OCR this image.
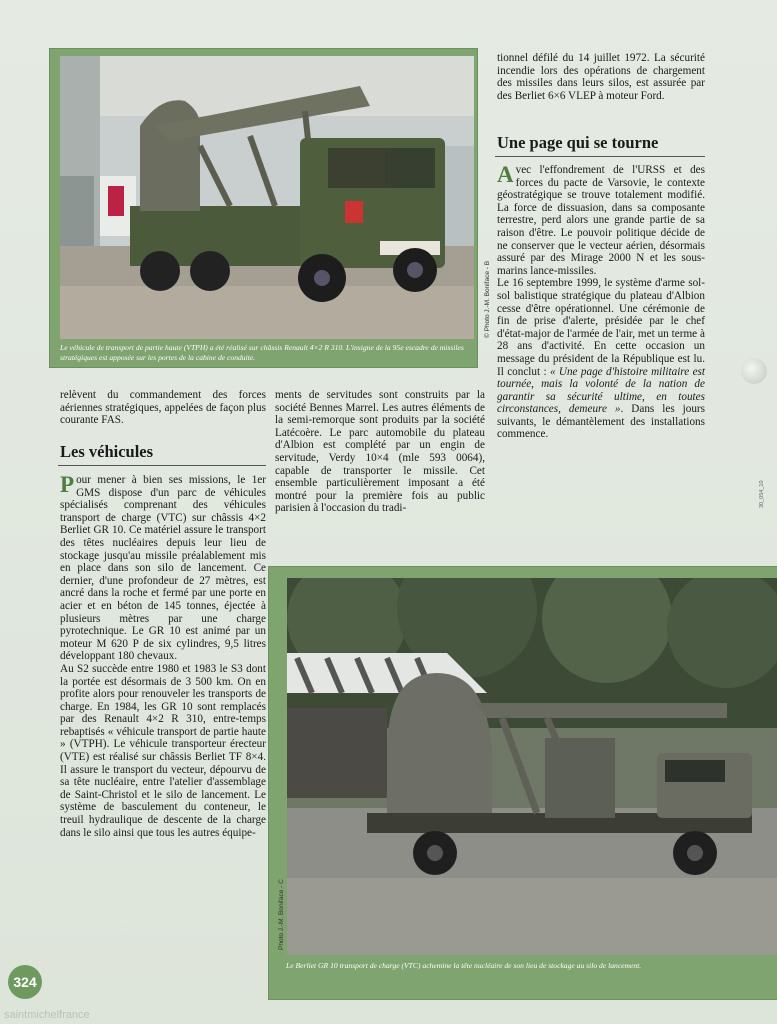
Le véhicule de transport de partie haute (VTPH) a été réalisé sur châssis Renault 4×2 R 310. L'insigne de la 95e escadre de missiles stratégiques est apposée sur les portes de la cabine de conduite.
© Photo J.-M. Boniface - B
tionnel défilé du 14 juillet 1972. La sécurité incendie lors des opérations de chargement des missiles dans leurs silos, est assurée par des Berliet 6×6 VLEP à moteur Ford.
Une page qui se tourne

Avec l'effondrement de l'URSS et des forces du pacte de Varsovie, le contexte géostratégique se trouve totalement modifié. La force de dissuasion, dans sa composante terrestre, perd alors une grande partie de sa raison d'être. Le pouvoir politique décide de ne conserver que le vecteur aérien, désormais assuré par des Mirage 2000 N et les sous-marins lance-missiles.

Le 16 septembre 1999, le système d'arme sol-sol balistique stratégique du plateau d'Albion cesse d'être opérationnel. Une cérémonie de fin de prise d'alerte, présidée par le chef d'état-major de l'armée de l'air, met un terme à 28 ans d'activité. En cette occasion un message du président de la République est lu. Il conclut : « Une page d'histoire militaire est tournée, mais la volonté de la nation de garantir sa sécurité ultime, en toutes circonstances, demeure ». Dans les jours suivants, le démantèlement des installations commence.

relèvent du commandement des forces aériennes stratégiques, appelées de façon plus courante FAS.
Les véhicules

Pour mener à bien ses missions, le 1er GMS dispose d'un parc de véhicules spécialisés comprenant des véhicules transport de charge (VTC) sur châssis 4×2 Berliet GR 10. Ce matériel assure le transport des têtes nucléaires depuis leur lieu de stockage jusqu'au missile préalablement mis en place dans son silo de lancement. Ce dernier, d'une profondeur de 27 mètres, est ancré dans la roche et fermé par une porte en acier et en béton de 145 tonnes, éjectée à plusieurs mètres par une charge pyrotechnique. Le GR 10 est animé par un moteur M 620 P de six cylindres, 9,5 litres développant 180 chevaux.

Au S2 succède entre 1980 et 1983 le S3 dont la portée est désormais de 3 500 km. On en profite alors pour renouveler les transports de charge. En 1984, les GR 10 sont remplacés par des Renault 4×2 R 310, entre-temps rebaptisés « véhicule transport de partie haute » (VTPH). Le véhicule transporteur érecteur (VTE) est réalisé sur châssis Berliet TF 8×4. Il assure le transport du vecteur, dépourvu de sa tête nucléaire, entre l'atelier d'assemblage de Saint-Christol et le silo de lancement. Le système de basculement du conteneur, le treuil hydraulique de descente de la charge dans le silo ainsi que tous les autres équipe-

ments de servitudes sont construits par la société Bennes Marrel. Les autres éléments de la semi-remorque sont produits par la société Latécoère. Le parc automobile du plateau d'Albion est complété par un engin de servitude, Verdy 10×4 (mle 593 0064), capable de transporter le missile. Cet ensemble particulièrement imposant a été montré pour la première fois au public parisien à l'occasion du tradi-
Le Berliet GR 10 transport de charge (VTC) achemine la tête nucléaire de son lieu de stockage au silo de lancement.
Photo J.-M. Boniface - C
30_054_10
324
saintmichelfrance
